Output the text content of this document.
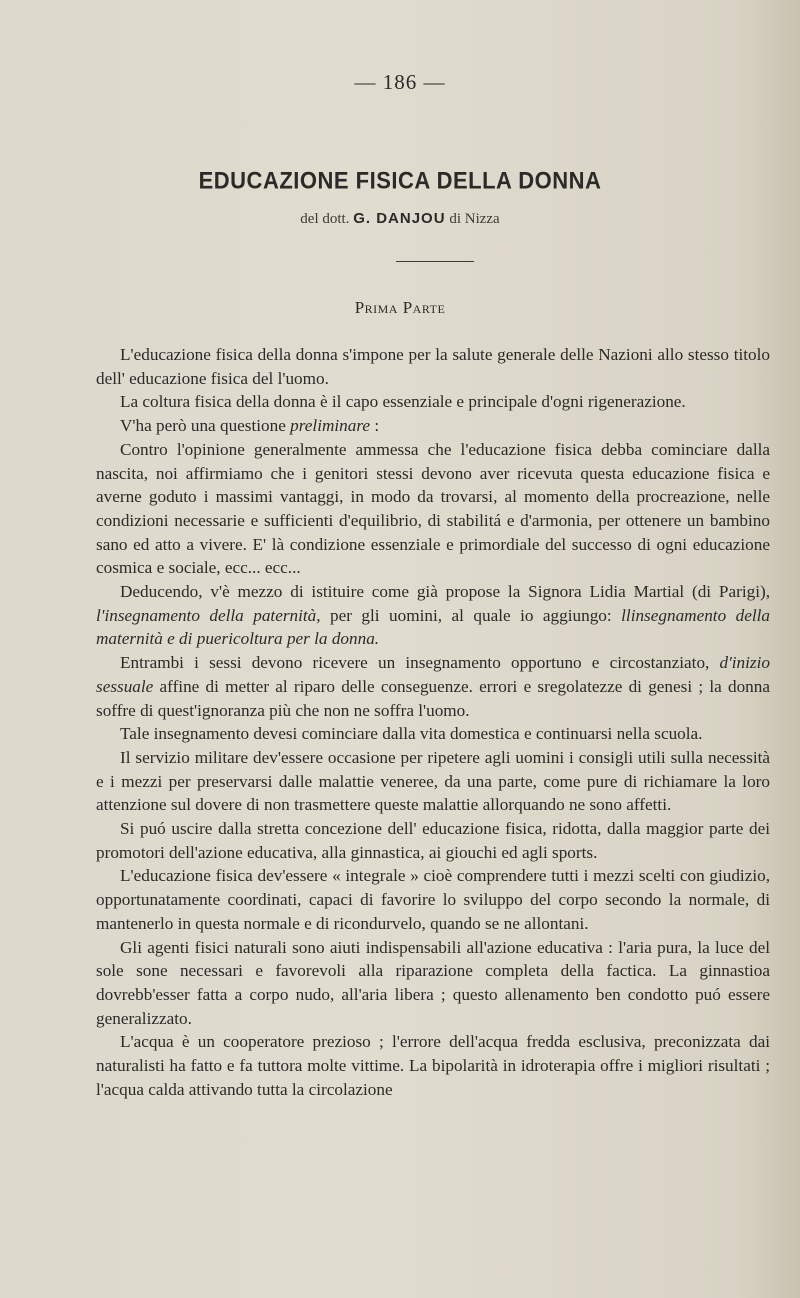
— 186 —
EDUCAZIONE FISICA DELLA DONNA
del dott. G. DANJOU di Nizza
Prima Parte

L'educazione fisica della donna s'impone per la salute generale delle Nazioni allo stesso titolo dell' educazione fisica del l'uomo.

La coltura fisica della donna è il capo essenziale e principale d'ogni rigenerazione.

V'ha però una questione preliminare :

Contro l'opinione generalmente ammessa che l'educazione fisica debba cominciare dalla nascita, noi affirmiamo che i genitori stessi devono aver ricevuta questa educazione fisica e averne goduto i massimi vantaggi, in modo da trovarsi, al momento della procreazione, nelle condizioni necessarie e sufficienti d'equilibrio, di stabilitá e d'armonia, per ottenere un bambino sano ed atto a vivere. E' là condizione essenziale e primordiale del successo di ogni educazione cosmica e sociale, ecc... ecc...

Deducendo, v'è mezzo di istituire come già propose la Signora Lidia Martial (di Parigi), l'insegnamento della paternità, per gli uomini, al quale io aggiungo: llinsegnamento della maternità e di puericoltura per la donna.

Entrambi i sessi devono ricevere un insegnamento opportuno e circostanziato, d'inizio sessuale affine di metter al riparo delle conseguenze. errori e sregolatezze di genesi ; la donna soffre di quest'ignoranza più che non ne soffra l'uomo.

Tale insegnamento devesi cominciare dalla vita domestica e continuarsi nella scuola.

Il servizio militare dev'essere occasione per ripetere agli uomini i consigli utili sulla necessità e i mezzi per preservarsi dalle malattie veneree, da una parte, come pure di richiamare la loro attenzione sul dovere di non trasmettere queste malattie allorquando ne sono affetti.

Si puó uscire dalla stretta concezione dell' educazione fisica, ridotta, dalla maggior parte dei promotori dell'azione educativa, alla ginnastica, ai giouchi ed agli sports.

L'educazione fisica dev'essere « integrale » cioè comprendere tutti i mezzi scelti con giudizio, opportunatamente coordinati, capaci di favorire lo sviluppo del corpo secondo la normale, di mantenerlo in questa normale e di ricondurvelo, quando se ne allontani.

Gli agenti fisici naturali sono aiuti indispensabili all'azione educativa : l'aria pura, la luce del sole sone necessari e favorevoli alla riparazione completa della factica. La ginnastioa dovrebb'esser fatta a corpo nudo, all'aria libera ; questo allenamento ben condotto puó essere generalizzato.

L'acqua è un cooperatore prezioso ; l'errore dell'acqua fredda esclusiva, preconizzata dai naturalisti ha fatto e fa tuttora molte vittime. La bipolarità in idroterapia offre i migliori risultati ; l'acqua calda attivando tutta la circolazione
